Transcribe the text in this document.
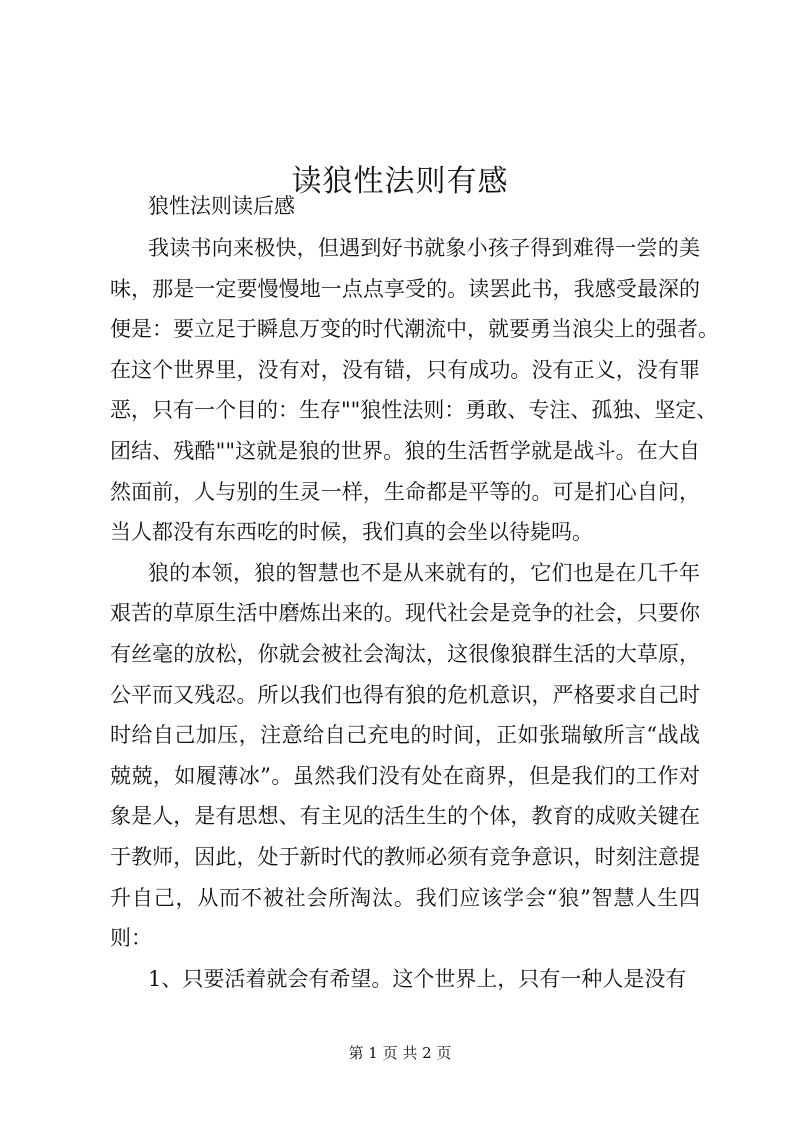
读狼性法则有感
狼性法则读后感
我读书向来极快，但遇到好书就象小孩子得到难得一尝的美
味，那是一定要慢慢地一点点享受的。读罢此书，我感受最深的
便是：要立足于瞬息万变的时代潮流中，就要勇当浪尖上的强者。
在这个世界里，没有对，没有错，只有成功。没有正义，没有罪
恶，只有一个目的：生存""狼性法则：勇敢、专注、孤独、坚定、
团结、残酷""这就是狼的世界。狼的生活哲学就是战斗。在大自
然面前，人与别的生灵一样，生命都是平等的。可是扪心自问，
当人都没有东西吃的时候，我们真的会坐以待毙吗。
狼的本领，狼的智慧也不是从来就有的，它们也是在几千年
艰苦的草原生活中磨炼出来的。现代社会是竞争的社会，只要你
有丝毫的放松，你就会被社会淘汰，这很像狼群生活的大草原，
公平而又残忍。所以我们也得有狼的危机意识，严格要求自己时
时给自己加压，注意给自己充电的时间，正如张瑞敏所言“战战
兢兢，如履薄冰”。虽然我们没有处在商界，但是我们的工作对
象是人，是有思想、有主见的活生生的个体，教育的成败关键在
于教师，因此，处于新时代的教师必须有竞争意识，时刻注意提
升自己，从而不被社会所淘汰。我们应该学会“狼”智慧人生四
则：
1、只要活着就会有希望。这个世界上，只有一种人是没有
第 1 页 共 2 页
